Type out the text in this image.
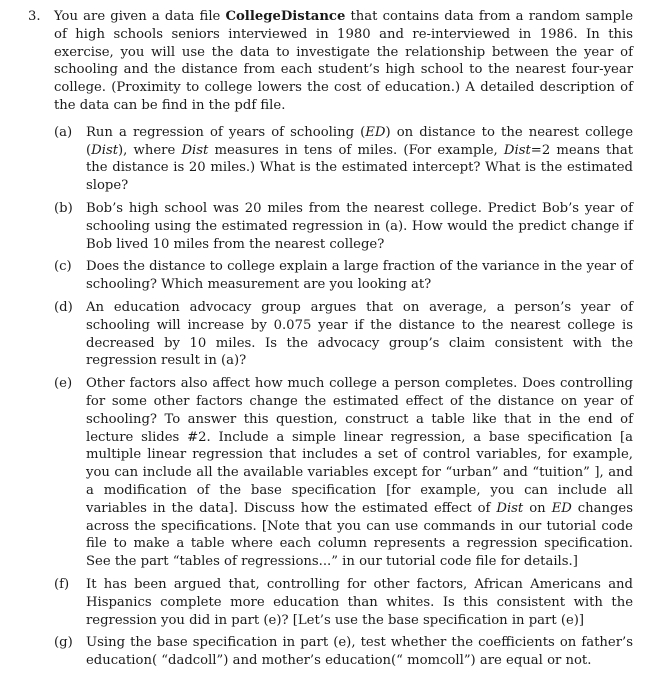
3.	You are given a data file CollegeDistance that contains data from a random sample of high schools seniors interviewed in 1980 and re-interviewed in 1986. In this exercise, you will use the data to investigate the relationship between the year of schooling and the distance from each student’s high school to the nearest four-year college. (Proximity to college lowers the cost of education.) A detailed description of the data can be find in the pdf file.
(a)	Run a regression of years of schooling (ED) on distance to the nearest college (Dist), where Dist measures in tens of miles. (For example, Dist=2 means that the distance is 20 miles.) What is the estimated intercept? What is the estimated slope?
(b)	Bob’s high school was 20 miles from the nearest college. Predict Bob’s year of schooling using the estimated regression in (a). How would the predict change if Bob lived 10 miles from the nearest college?
(c)	Does the distance to college explain a large fraction of the variance in the year of schooling? Which measurement are you looking at?
(d)	An education advocacy group argues that on average, a person’s year of schooling will increase by 0.075 year if the distance to the nearest college is decreased by 10 miles. Is the advocacy group’s claim consistent with the regression result in (a)?
(e)	Other factors also affect how much college a person completes. Does controlling for some other factors change the estimated effect of the distance on year of schooling? To answer this question, construct a table like that in the end of lecture slides #2. Include a simple linear regression, a base specification [a multiple linear regression that includes a set of control variables, for example, you can include all the available variables except for “urban” and “tuition” ], and a modification of the base specification [for example, you can include all variables in the data]. Discuss how the estimated effect of Dist on ED changes across the specifications. [Note that you can use commands in our tutorial code file to make a table where each column represents a regression specification. See the part “tables of regressions...” in our tutorial code file for details.]
(f)	It has been argued that, controlling for other factors, African Americans and Hispanics complete more education than whites. Is this consistent with the regression you did in part (e)? [Let’s use the base specification in part (e)]
(g)	Using the base specification in part (e), test whether the coefficients on father’s education( “dadcoll”) and mother’s education(“ momcoll”) are equal or not.
